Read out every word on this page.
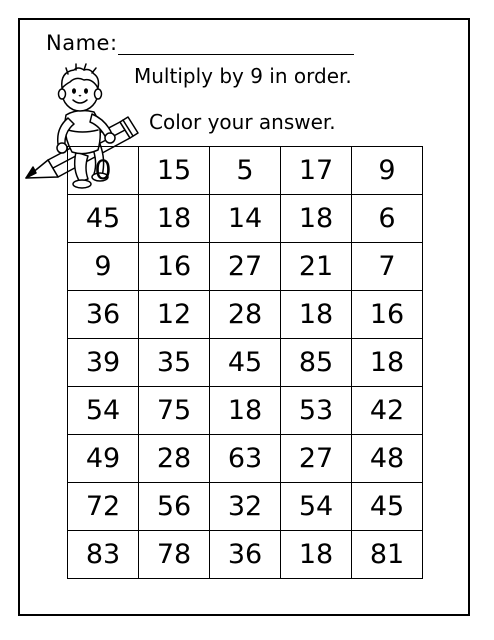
Name:
Multiply by 9 in order.
Color your answer.
0	15	5	17	9
45	18	14	18	6
9	16	27	21	7
36	12	28	18	16
39	35	45	85	18
54	75	18	53	42
49	28	63	27	48
72	56	32	54	45
83	78	36	18	81
